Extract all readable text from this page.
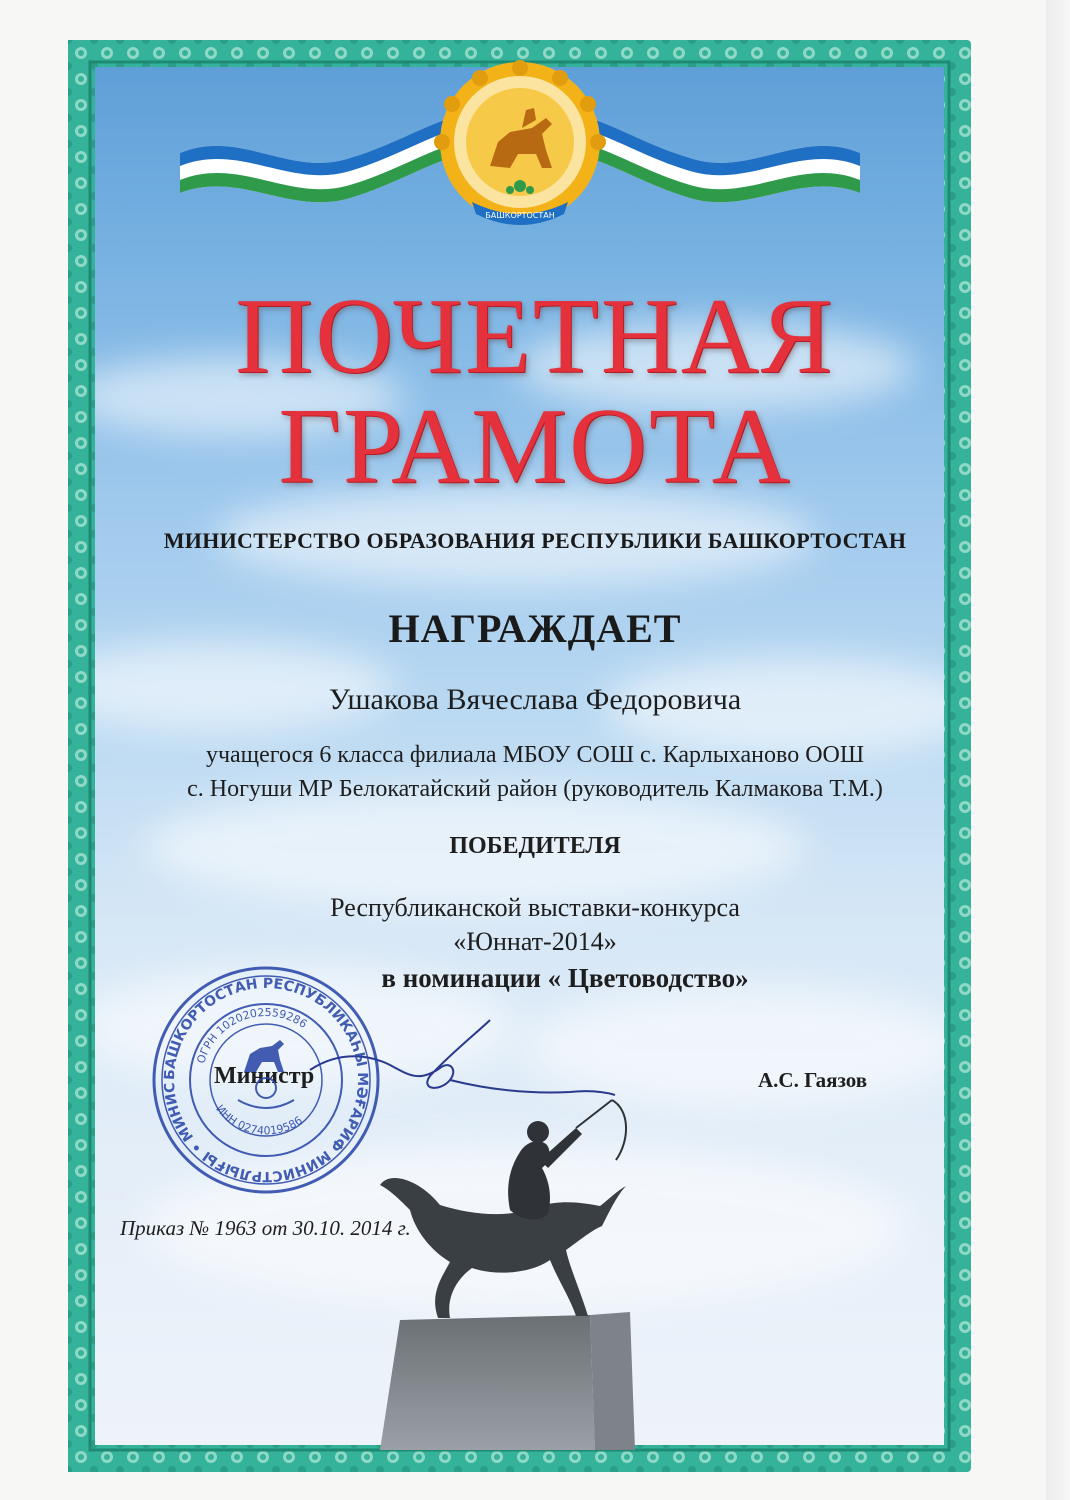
БАШКОРТОСТАН
ПОЧЕТНАЯ
ГРАМОТА
МИНИСТЕРСТВО ОБРАЗОВАНИЯ РЕСПУБЛИКИ БАШКОРТОСТАН
НАГРАЖДАЕТ
Ушакова Вячеслава Федоровича
учащегося 6 класса филиала МБОУ СОШ с. Карлыханово ООШ
с. Ногуши МР Белокатайский район (руководитель Калмакова Т.М.)
ПОБЕДИТЕЛЯ
Республиканской выставки-конкурса
«Юннат-2014»
в номинации « Цветоводство»
Министр	А.С. Гаязов
БАШКОРТОСТАН РЕСПУБЛИКАҺЫ МӘҒАРИФ МИНИСТРЛЫҒЫ • МИНИС
ОГРН 1020202559286
ИНН 0274019586
Приказ № 1963 от 30.10. 2014 г.
